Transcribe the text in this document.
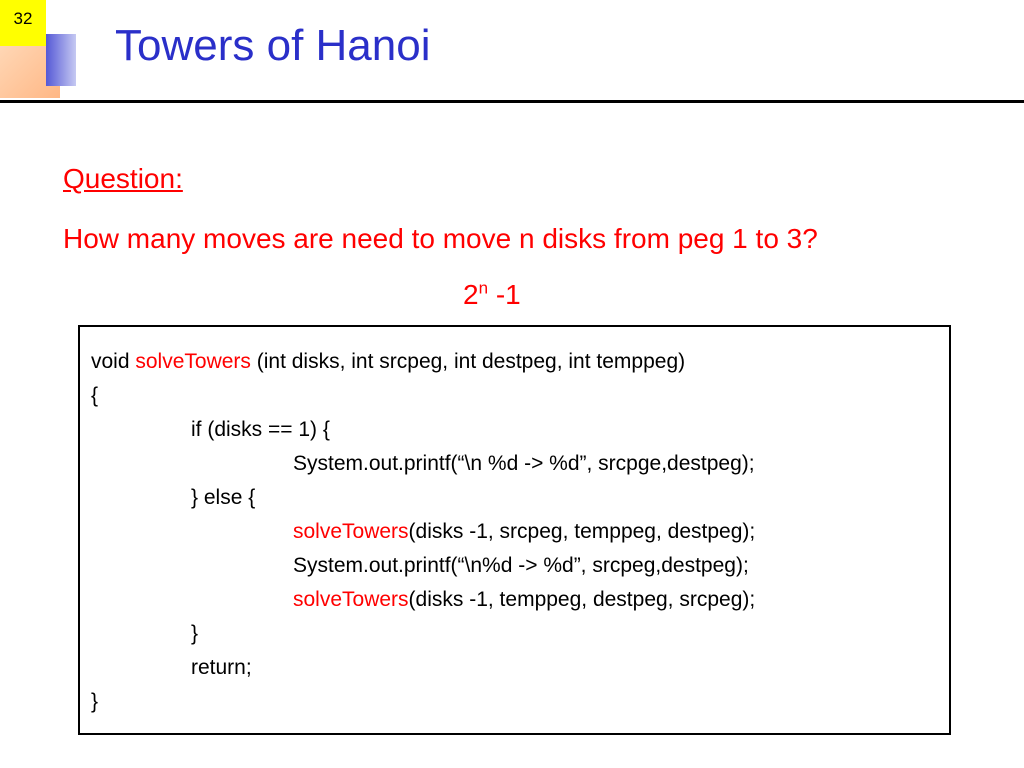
32
Towers of Hanoi
Question:
How many moves are need to move n disks from peg 1 to 3?
2$^n$ -1
void solveTowers (int disks, int srcpeg, int destpeg, int temppeg)
{
if (disks == 1) {
System.out.printf(“\n %d -> %d”, srcpge,destpeg);
} else {
solveTowers(disks -1, srcpeg, temppeg, destpeg);
System.out.printf(“\n%d -> %d”, srcpeg,destpeg);
solveTowers(disks -1, temppeg, destpeg, srcpeg);
}
return;
}
